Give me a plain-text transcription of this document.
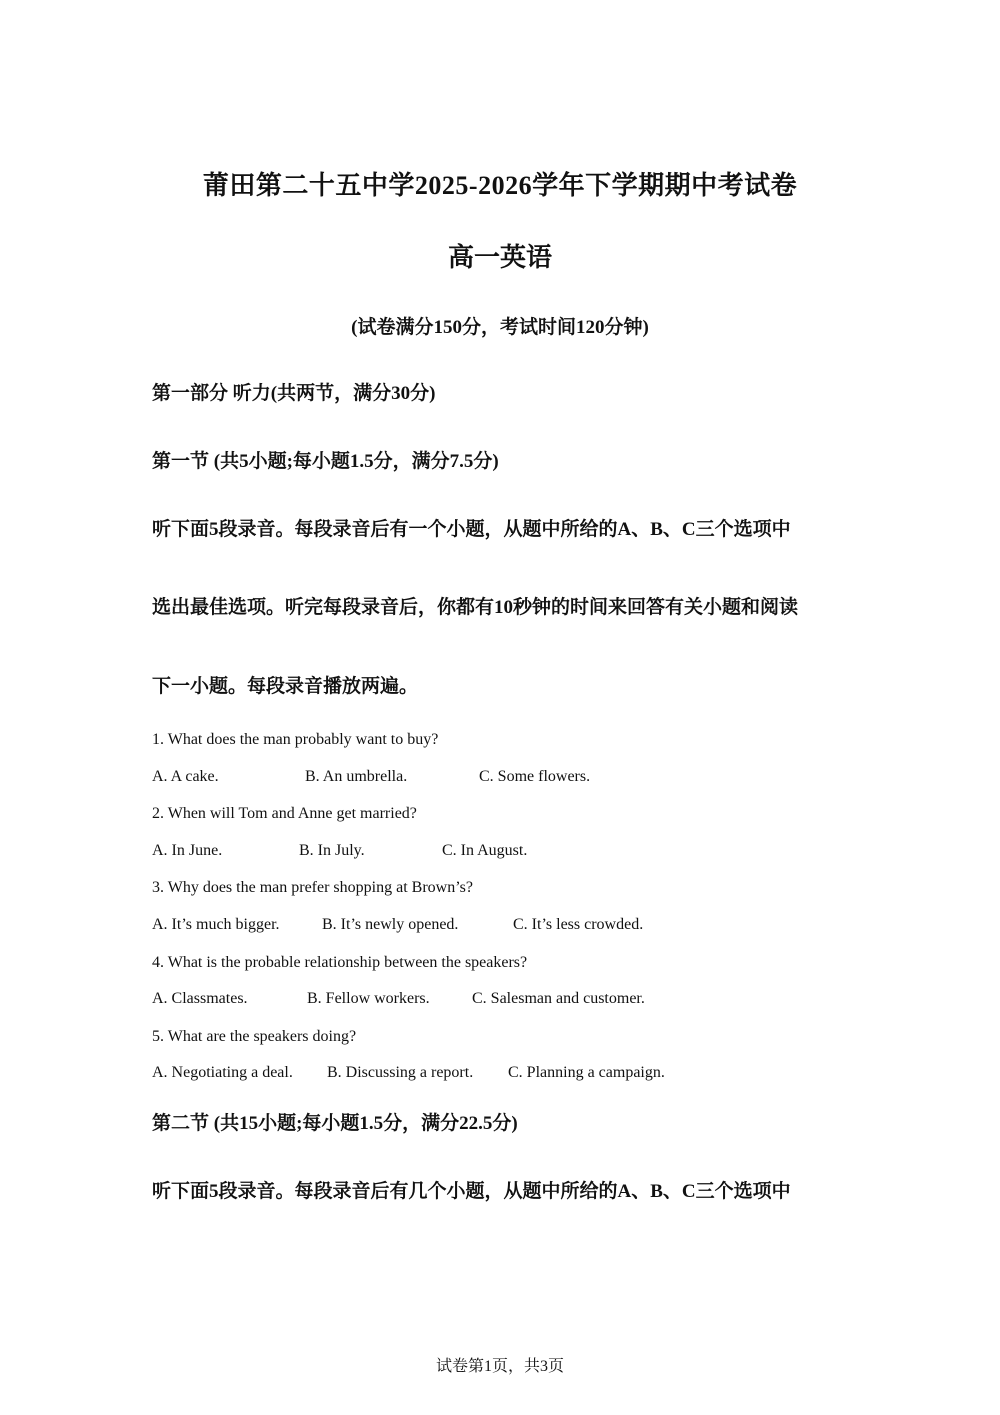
莆田第二十五中学2025-2026学年下学期期中考试卷
高一英语
(试卷满分150分，考试时间120分钟)
第一部分 听力(共两节，满分30分)
第一节 (共5小题;每小题1.5分，满分7.5分)
听下面5段录音。每段录音后有一个小题，从题中所给的A、B、C三个选项中
选出最佳选项。听完每段录音后，你都有10秒钟的时间来回答有关小题和阅读
下一小题。每段录音播放两遍。
1. What does the man probably want to buy?
A. A cake.	B. An umbrella.	C. Some flowers.
2. When will Tom and Anne get married?
A. In June.	B. In July.	C. In August.
3. Why does the man prefer shopping at Brown’s?
A. It’s much bigger.	B. It’s newly opened.	C. It’s less crowded.
4. What is the probable relationship between the speakers?
A. Classmates.	B. Fellow workers.	C. Salesman and customer.
5. What are the speakers doing?
A. Negotiating a deal. B. Discussing a report. C. Planning a campaign.
第二节 (共15小题;每小题1.5分，满分22.5分)
听下面5段录音。每段录音后有几个小题，从题中所给的A、B、C三个选项中
试卷第1页，共3页
